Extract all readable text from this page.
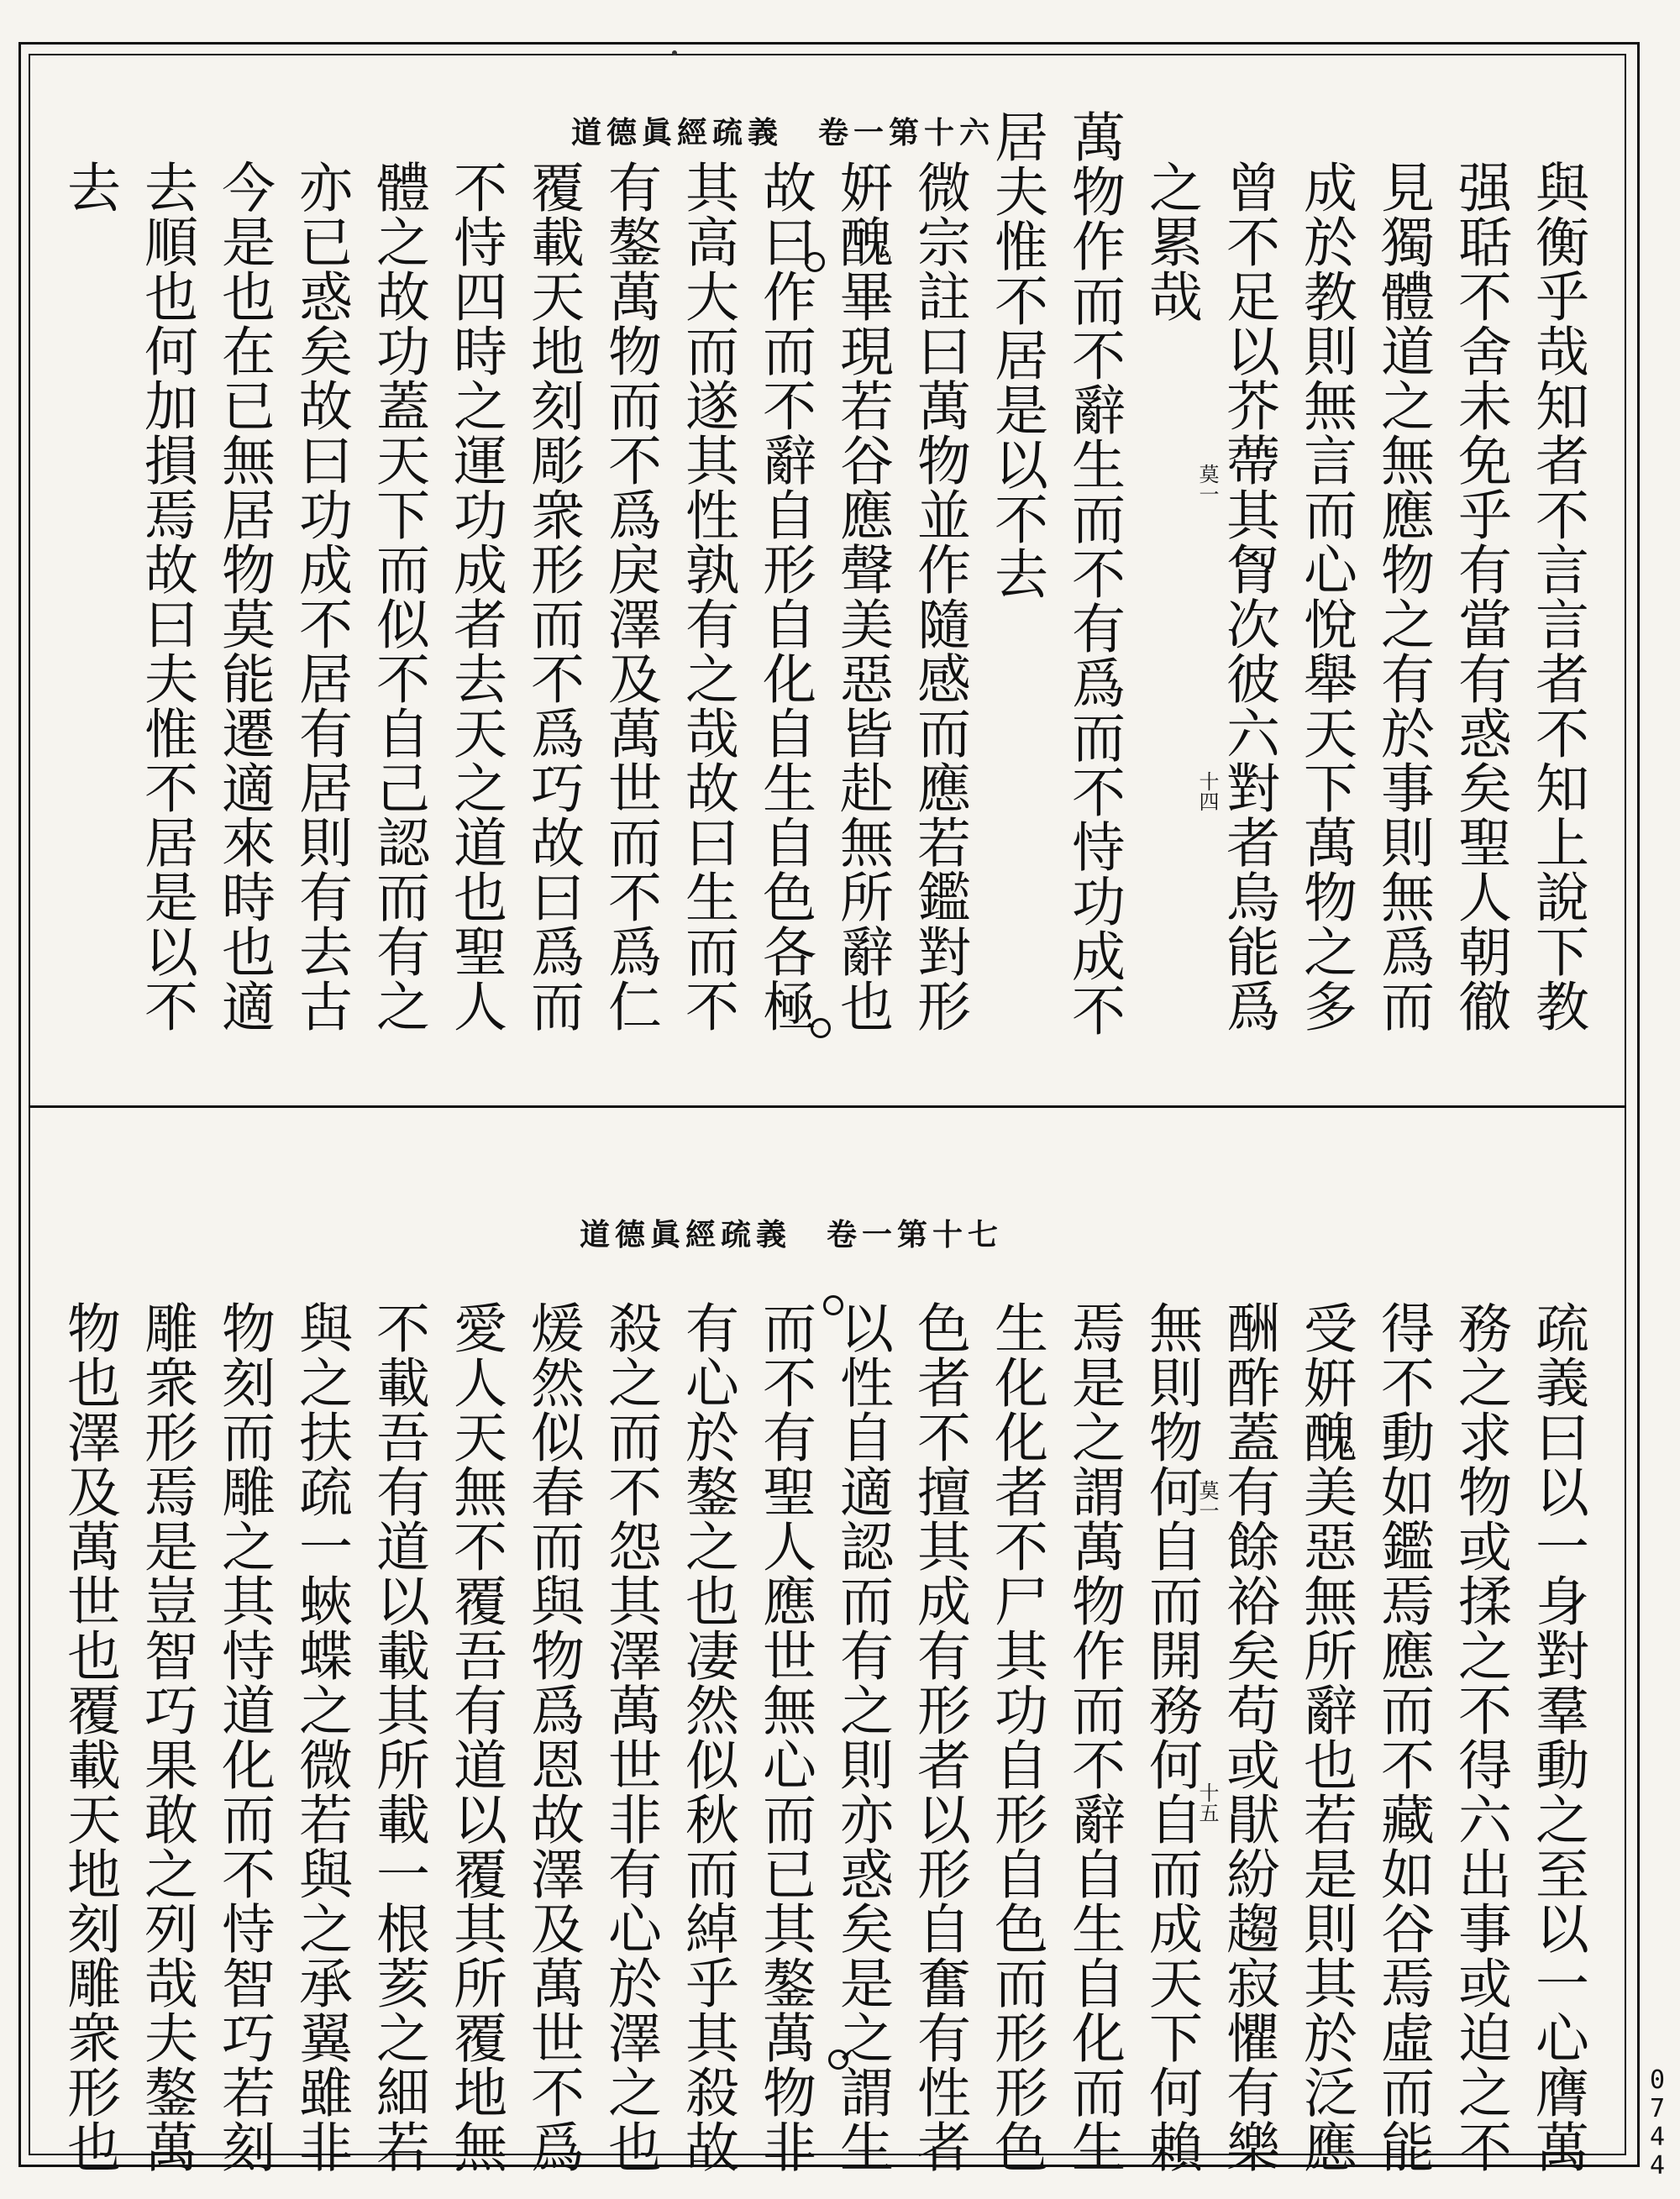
道德眞經疏義　卷一第十六
與衡乎哉知者不言言者不知上說下教
强聒不舍未免乎有當有惑矣聖人朝徹
見獨體道之無應物之有於事則無爲而
成於教則無言而心悅舉天下萬物之多
曾不足以芥蔕其胷次彼六對者烏能爲
之累哉
萬物作而不辭生而不有爲而不恃功成不
居夫惟不居是以不去
微宗註曰萬物並作隨感而應若鑑對形
姸醜畢現若谷應聲美惡皆赴無所辭也
故曰作而不辭自形自化自生自色各極
其高大而遂其性孰有之哉故曰生而不
有鏊萬物而不爲戾澤及萬世而不爲仁
覆載天地刻彫衆形而不爲巧故曰爲而
不恃四時之運功成者去天之道也聖人
體之故功蓋天下而似不自己認而有之
亦已惑矣故曰功成不居有居則有去古
今是也在已無居物莫能遷適來時也適
去順也何加損焉故曰夫惟不居是以不
去
莫一
十四
道德眞經疏義　卷一第十七
疏義曰以一身對羣動之至以一心膺萬
務之求物或揉之不得六出事或迫之不
得不動如鑑焉應而不藏如谷焉虛而能
受姸醜美惡無所辭也若是則其於泛應
酬酢蓋有餘裕矣苟或猒紛趨寂懼有樂
無則物何自而開務何自而成天下何賴
焉是之謂萬物作而不辭自生自化而生
生化化者不尸其功自形自色而形形色
色者不擅其成有形者以形自奮有性者
以性自適認而有之則亦惑矣是之謂生
而不有聖人應世無心而已其鏊萬物非
有心於鏊之也凄然似秋而綽乎其殺故
殺之而不怨其澤萬世非有心於澤之也
煖然似春而與物爲恩故澤及萬世不爲
愛人天無不覆吾有道以覆其所覆地無
不載吾有道以載其所載一根荄之細若
與之扶疏一蛺蝶之微若與之承翼雖非
物刻而雕之其恃道化而不恃智巧若刻
雕衆形焉是豈智巧果敢之列哉夫鏊萬
物也澤及萬世也覆載天地刻雕衆形也	莫一
十五
0
7
4
4
